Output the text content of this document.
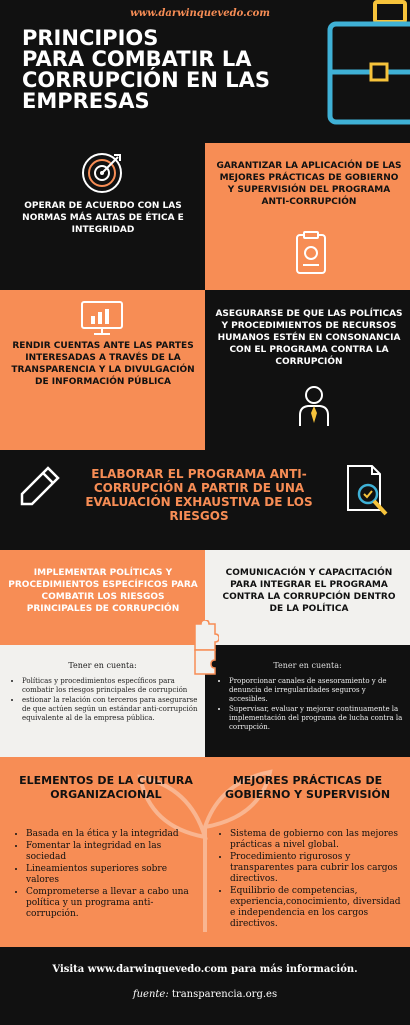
www.darwinquevedo.com
PRINCIPIOS
PARA COMBATIR LA
CORRUPCIÓN EN LAS
EMPRESAS
OPERAR DE ACUERDO CON LAS NORMAS MÁS ALTAS DE ÉTICA E INTEGRIDAD
GARANTIZAR LA APLICACIÓN DE LAS MEJORES PRÁCTICAS DE GOBIERNO Y SUPERVISIÓN DEL PROGRAMA ANTI-CORRUPCIÓN
RENDIR CUENTAS ANTE LAS PARTES INTERESADAS A TRAVÉS DE LA TRANSPARENCIA Y LA DIVULGACIÓN DE INFORMACIÓN PÚBLICA
ASEGURARSE DE QUE LAS POLÍTICAS Y PROCEDIMIENTOS DE RECURSOS HUMANOS ESTÉN EN CONSONANCIA CON EL PROGRAMA CONTRA LA CORRUPCIÓN
ELABORAR EL PROGRAMA ANTI-CORRUPCIÓN A PARTIR DE UNA EVALUACIÓN EXHAUSTIVA DE LOS RIESGOS
IMPLEMENTAR POLÍTICAS Y PROCEDIMIENTOS ESPECÍFICOS PARA COMBATIR LOS RIESGOS PRINCIPALES DE CORRUPCIÓN
COMUNICACIÓN Y CAPACITACIÓN PARA INTEGRAR EL PROGRAMA CONTRA LA CORRUPCIÓN DENTRO DE LA POLÍTICA
Tener en cuenta:
• Políticas y procedimientos específicos para combatir los riesgos principales de corrupción
• estionar la relación con terceros para asegurarse de que actúen según un estándar anti-corrupción equivalente al de la empresa pública.
Tener en cuenta:
• Proporcionar canales de asesoramiento y de denuncia de irregularidades seguros y accesibles.
• Supervisar, evaluar y mejorar continuamente la implementación del programa de lucha contra la corrupción.
ELEMENTOS DE LA CULTURA ORGANIZACIONAL
• Basada en la ética y la integridad
• Fomentar la integridad en las sociedad
• Lineamientos superiores sobre valores
• Comprometerse a llevar a cabo una política y un programa anti-corrupción.
MEJORES PRÁCTICAS DE GOBIERNO Y SUPERVISIÓN
• Sistema de gobierno con las mejores prácticas a nivel global.
• Procedimiento rigurosos y transparentes para cubrir los cargos directivos.
• Equilibrio de competencias, experiencia,conocimiento, diversidad e independencia en los cargos directivos.
Visita www.darwinquevedo.com para más información.
fuente: transparencia.org.es
